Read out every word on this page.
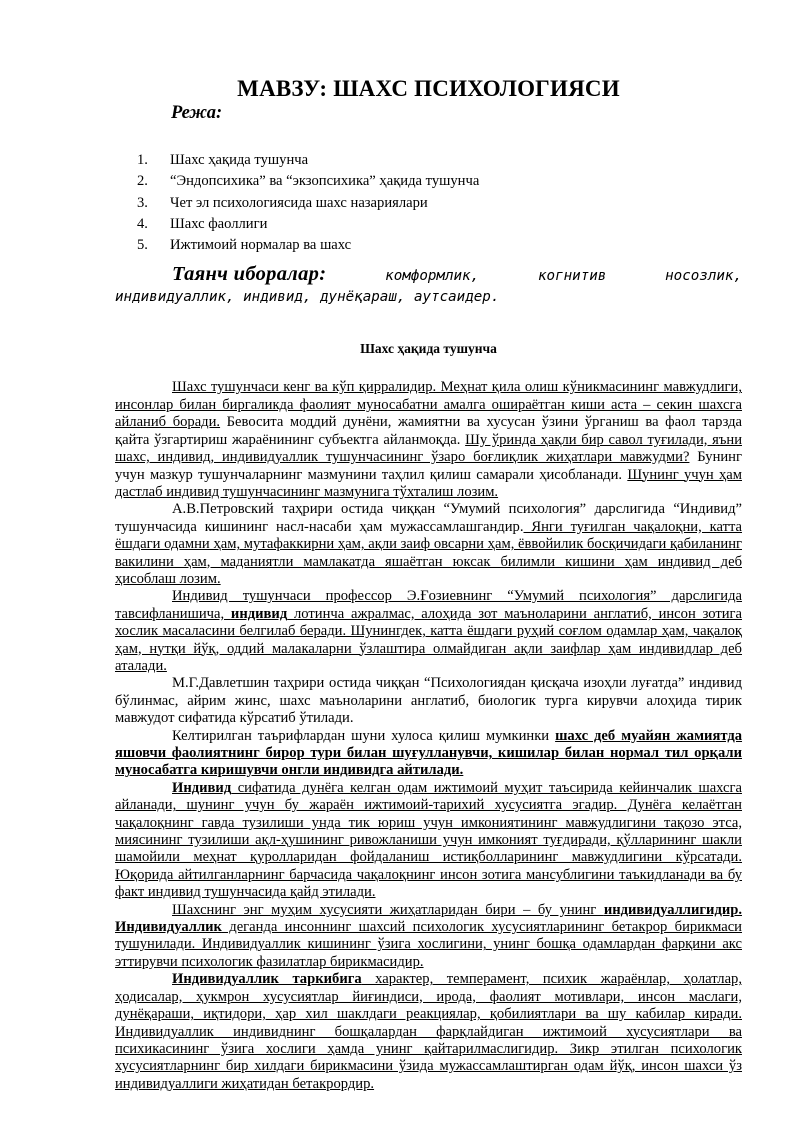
МАВЗУ: ШАХС ПСИХОЛОГИЯСИ
Режа:
1. Шахс ҳақида тушунча
2. “Эндопсихика” ва “экзопсихика” ҳақида тушунча
3. Чет эл психологиясида шахс назариялари
4. Шахс фаоллиги
5. Ижтимоий нормалар ва шахс
Таянч иборалар:	комформлик,	когнитив	носозлик,
индивидуаллик, индивид, дунёқараш, аутсаидер.
Шахс ҳақида тушунча

Шахс тушунчаси кенг ва кўп қирралидир. Меҳнат қила олиш кўникмасининг мавжудлиги, инсонлар билан биргаликда фаолият муносабатни амалга оширaётган киши аста – секин шахсга айланиб боради. Бевосита моддий дунёни, жамиятни ва хусусан ўзини ўрганиш ва фаол тарзда қайта ўзгартириш жараёнининг субъектга айланмоқда. Шу ўринда ҳақли бир савол туғилади, яъни шахс, индивид, индивидуаллик тушунчасининг ўзаро боғлиқлик жиҳатлари мавжудми? Бунинг учун мазкур тушунчаларнинг мазмунини таҳлил қилиш самарали ҳисобланади. Шунинг учун ҳам дастлаб индивид тушунчасининг мазмунига тўхталиш лозим.

А.В.Петровский таҳрири остида чиққан “Умумий психология” дарслигида “Индивид” тушунчасида кишининг насл-насаби ҳам мужассамлашгандир. Янги туғилган чақалоқни, катта ёшдаги одамни ҳам, мутафаккирни ҳам, ақли заиф овсарни ҳам, ёввойилик босқичидаги қабиланинг вакилини ҳам, маданиятли мамлакатда яшаётган юксак билимли кишини ҳам индивид деб ҳисоблаш лозим.

Индивид тушунчаси профессор Э.Ғозиевнинг “Умумий психология” дарслигида тавсифланишича, индивид лотинча ажралмас, алоҳида зот маъноларини англатиб, инсон зотига хослик масаласини белгилаб беради. Шунингдек, катта ёшдаги руҳий соғлом одамлар ҳам, чақалоқ ҳам, нутқи йўқ, оддий малакаларни ўзлаштира олмайдиган ақли заифлар ҳам индивидлар деб аталади.

М.Г.Давлетшин таҳрири остида чиққан “Психологиядан қисқача изоҳли луғатда” индивид бўлинмас, айрим жинс, шахс маъноларини англатиб, биологик турга кирувчи алоҳида тирик мавжудот сифатида кўрсатиб ўтилади.

Келтирилган таърифлардан шуни хулоса қилиш мумкинки шахс деб муайян жамиятда яшовчи фаолиятнинг бирор тури билан шуғулланувчи, кишилар билан нормал тил орқали муносабатга киришувчи онгли индивидга айтилади.

Индивид сифатида дунёга келган одам ижтимоий муҳит таъсирида кейинчалик шахсга айланади, шунинг учун бу жараён ижтимоий-тарихий хусусиятга эгадир. Дунёга келаётган чақалоқнинг гавда тузилиши унда тик юриш учун имкониятининг мавжудлигини тақозо этса, миясининг тузилиши ақл-ҳушининг ривожланиши учун имконият туғдиради, қўлларининг шакли шамойили меҳнат қуролларидан фойдаланиш истиқболларининг мавжудлигини кўрсатади. Юқорида айтилганларнинг барчасида чақалоқнинг инсон зотига мансублигини таъкидланади ва бу факт индивид тушунчасида қайд этилади.

Шахснинг энг муҳим хусусияти жиҳатларидан бири – бу унинг индивидуаллигидир. Индивидуаллик деганда инсоннинг шахсий психологик хусусиятларининг бетакрор бирикмаси тушунилади. Индивидуаллик кишининг ўзига хослигини, унинг бошқа одамлардан фарқини акс эттирувчи психологик фазилатлар бирикмасидир.

Индивидуаллик таркибига характер, темперамент, психик жараёнлар, ҳолатлар, ҳодисалар, ҳукмрон хусусиятлар йиғиндиси, ирода, фаолият мотивлари, инсон маслаги, дунёқараши, иқтидори, ҳар хил шаклдаги реакциялар, қобилиятлари ва шу кабилар киради. Индивидуаллик индивиднинг бошқалардан фарқлайдиган ижтимоий хусусиятлари ва психикасининг ўзига хослиги ҳамда унинг қайтарилмаслигидир. Зикр этилган психологик хусусиятларнинг бир хилдаги бирикмасини ўзида мужассамлаштирган одам йўқ, инсон шахси ўз индивидуаллиги жиҳатидан бетакрордир.
